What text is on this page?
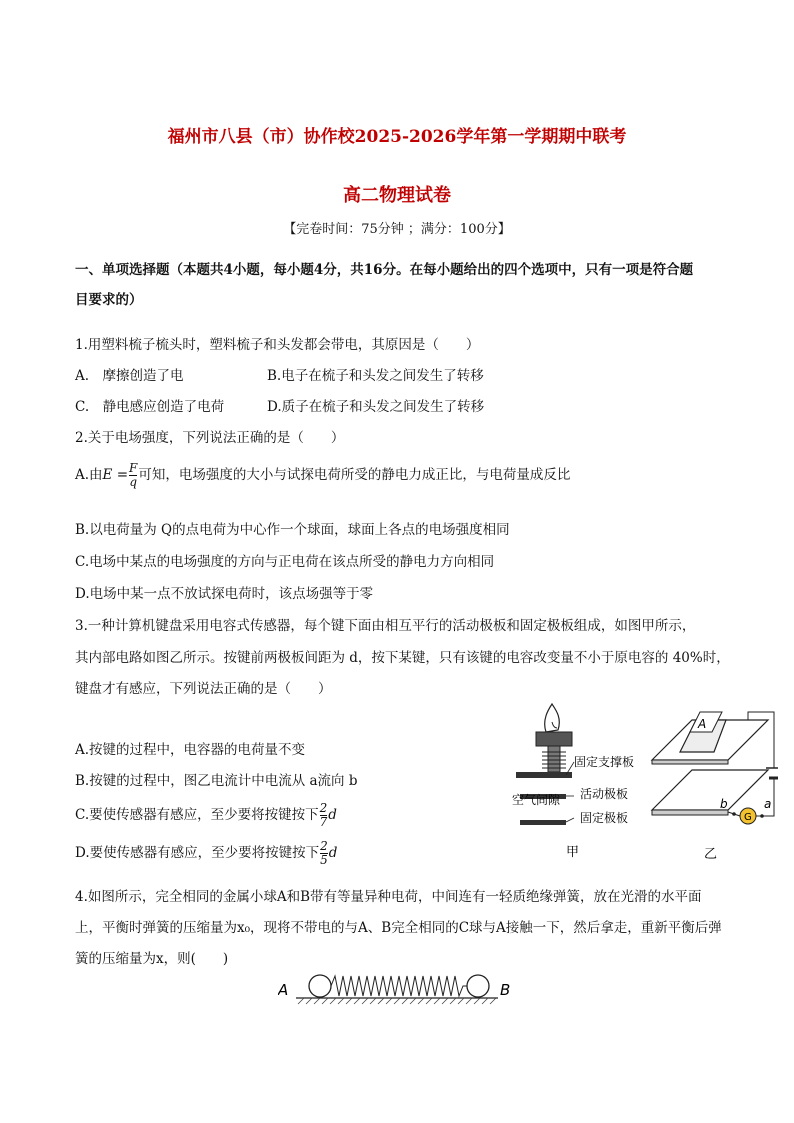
福州市八县（市）协作校2025-2026学年第一学期期中联考
高二物理试卷
【完卷时间：75分钟 ；满分：100分】
一、单项选择题（本题共4小题，每小题4分，共16分。在每小题给出的四个选项中，只有一项是符合题
目要求的）
1.用塑料梳子梳头时，塑料梳子和头发都会带电，其原因是（　　）
A.　摩擦创造了电	B.电子在梳子和头发之间发生了转移
C.　静电感应创造了电荷	D.质子在梳子和头发之间发生了转移
2.关于电场强度，下列说法正确的是（　　）
A.由$E = \frac{F}{q}$ 可知，电场强度的大小与试探电荷所受的静电力成正比，与电荷量成反比
B.以电荷量为 Q的点电荷为中心作一个球面，球面上各点的电场强度相同
C.电场中某点的电场强度的方向与正电荷在该点所受的静电力方向相同
D.电场中某一点不放试探电荷时，该点场强等于零
3.一种计算机键盘采用电容式传感器，每个键下面由相互平行的活动极板和固定极板组成，如图甲所示，
其内部电路如图乙所示。按键前两极板间距为 d，按下某键，只有该键的电容改变量不小于原电容的 40%时，
键盘才有感应，下列说法正确的是（　　）
A.按键的过程中，电容器的电荷量不变
B.按键的过程中，图乙电流计中电流从 a流向 b
C.要使传感器有感应，至少要将按键按下 $\frac{2}{7}$ d
D.要使传感器有感应，至少要将按键按下 $\frac{2}{5}$ d
固定支撑板
空气间隙 活动极板
固定极板
甲
A
G
b	a
乙
4.如图所示，完全相同的金属小球A和B带有等量异种电荷，中间连有一轻质绝缘弹簧，放在光滑的水平面
上，平衡时弹簧的压缩量为x₀，现将不带电的与A、B完全相同的C球与A接触一下，然后拿走，重新平衡后弹
簧的压缩量为x，则(　　)
A	B
